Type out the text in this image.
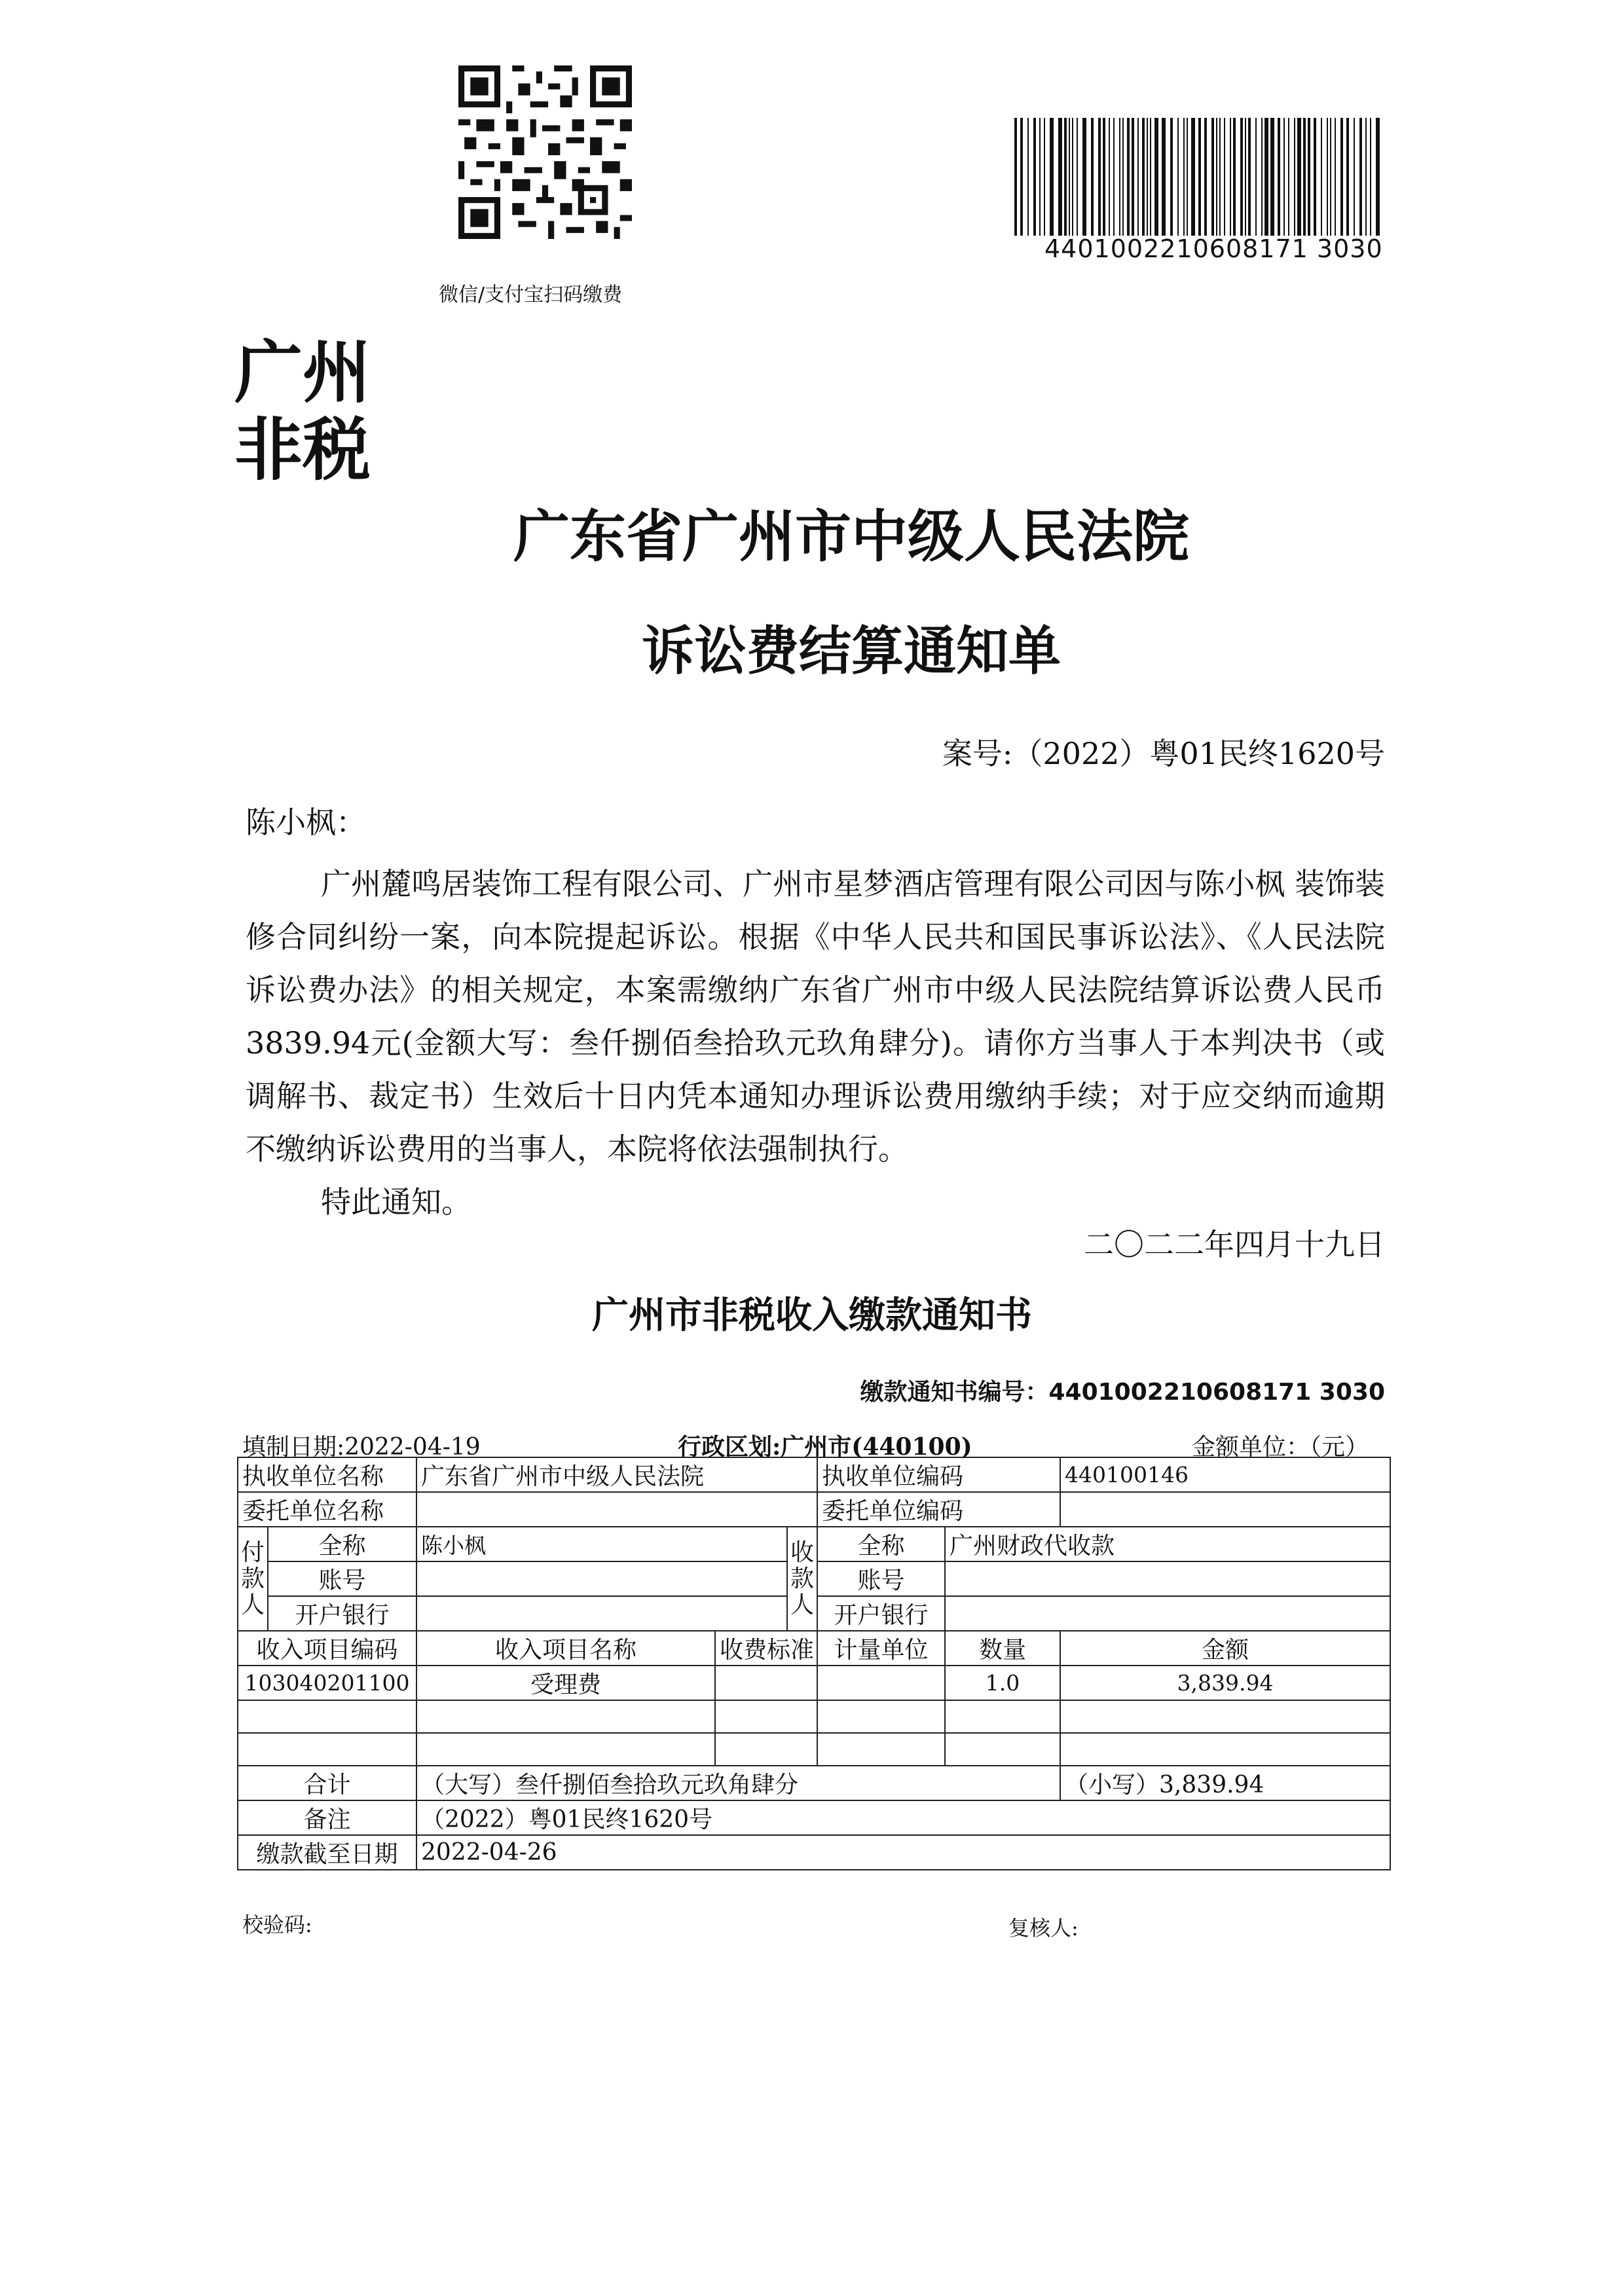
微信/支付宝扫码缴费
4401002210608171 3030
广州
非税
广东省广州市中级人民法院
诉讼费结算通知单
案号:（2022）粤01民终1620号
陈小枫：

广州麓鸣居装饰工程有限公司、广州市星梦酒店管理有限公司因与陈小枫 装饰装修合同纠纷一案，向本院提起诉讼。根据《中华人民共和国民事诉讼法》、《人民法院诉讼费办法》的相关规定，本案需缴纳广东省广州市中级人民法院结算诉讼费人民币3839.94元(金额大写：叁仟捌佰叁拾玖元玖角肆分)。请你方当事人于本判决书（或调解书、裁定书）生效后十日内凭本通知办理诉讼费用缴纳手续；对于应交纳而逾期不缴纳诉讼费用的当事人，本院将依法强制执行。

特此通知。

二〇二二年四月十九日
广州市非税收入缴款通知书
缴款通知书编号：4401002210608171 3030
填制日期:2022-04-19	行政区划:广州市(440100)	金额单位：（元）
执收单位名称		广东省广州市中级人民法院			执收单位编码		440100146
委托单位名称					委托单位编码		
付款人	全称	陈小枫		收款人	全称	广州财政代收款	
	账号				账号		
	开户银行				开户银行		
收入项目编码		收入项目名称	收费标准		计量单位	数量	金额
103040201100		受理费				1.0	3,839.94

合计		（大写）叁仟捌佰叁拾玖元玖角肆分					（小写）3,839.94
备注		（2022）粤01民终1620号					
缴款截至日期		2022-04-26					
校验码:	复核人:
